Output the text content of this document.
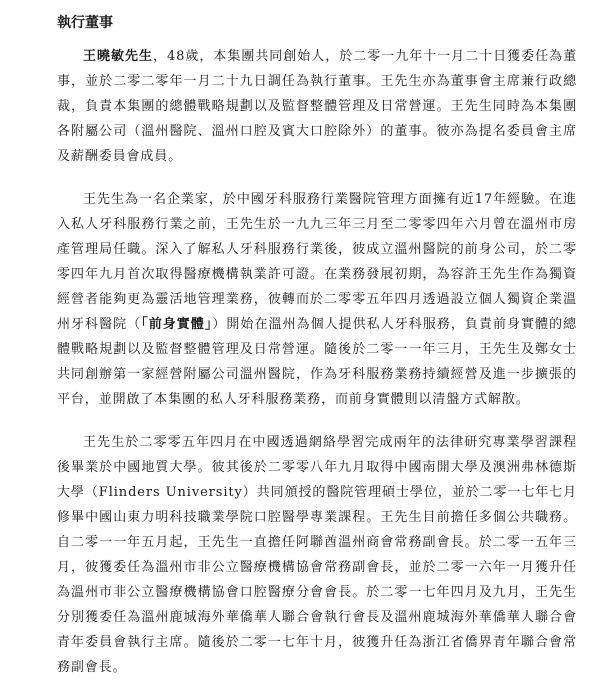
執行董事

王曉敏先生，48歲，本集團共同創始人，於二零一九年十一月二十日獲委任為董事，並於二零二零年一月二十九日調任為執行董事。王先生亦為董事會主席兼行政總裁，負責本集團的總體戰略規劃以及監督整體管理及日常營運。王先生同時為本集團各附屬公司（溫州醫院、溫州口腔及賓大口腔除外）的董事。彼亦為提名委員會主席及薪酬委員會成員。

王先生為一名企業家，於中國牙科服務行業醫院管理方面擁有近17年經驗。在進入私人牙科服務行業之前，王先生於一九九三年三月至二零零四年六月曾在溫州市房產管理局任職。深入了解私人牙科服務行業後，彼成立溫州醫院的前身公司，於二零零四年九月首次取得醫療機構執業許可證。在業務發展初期，為容許王先生作為獨資經營者能夠更為靈活地管理業務，彼轉而於二零零五年四月透過設立個人獨資企業溫州牙科醫院（「前身實體」）開始在溫州為個人提供私人牙科服務，負責前身實體的總體戰略規劃以及監督整體管理及日常營運。隨後於二零一一年三月，王先生及鄭女士共同創辦第一家經營附屬公司溫州醫院，作為牙科服務業務持續經營及進一步擴張的平台，並開啟了本集團的私人牙科服務業務，而前身實體則以清盤方式解散。

王先生於二零零五年四月在中國透過網絡學習完成兩年的法律研究專業學習課程後畢業於中國地質大學。彼其後於二零零八年九月取得中國南開大學及澳洲弗林德斯大學（Flinders University）共同頒授的醫院管理碩士學位，並於二零一七年七月修畢中國山東力明科技職業學院口腔醫學專業課程。王先生目前擔任多個公共職務。自二零一一年五月起，王先生一直擔任阿聯酋溫州商會常務副會長。於二零一五年三月，彼獲委任為溫州市非公立醫療機構協會常務副會長，並於二零一六年一月獲升任為溫州市非公立醫療機構協會口腔醫療分會會長。於二零一七年四月及九月，王先生分別獲委任為溫州鹿城海外華僑華人聯合會執行會長及溫州鹿城海外華僑華人聯合會青年委員會執行主席。隨後於二零一七年十月，彼獲升任為浙江省僑界青年聯合會常務副會長。
